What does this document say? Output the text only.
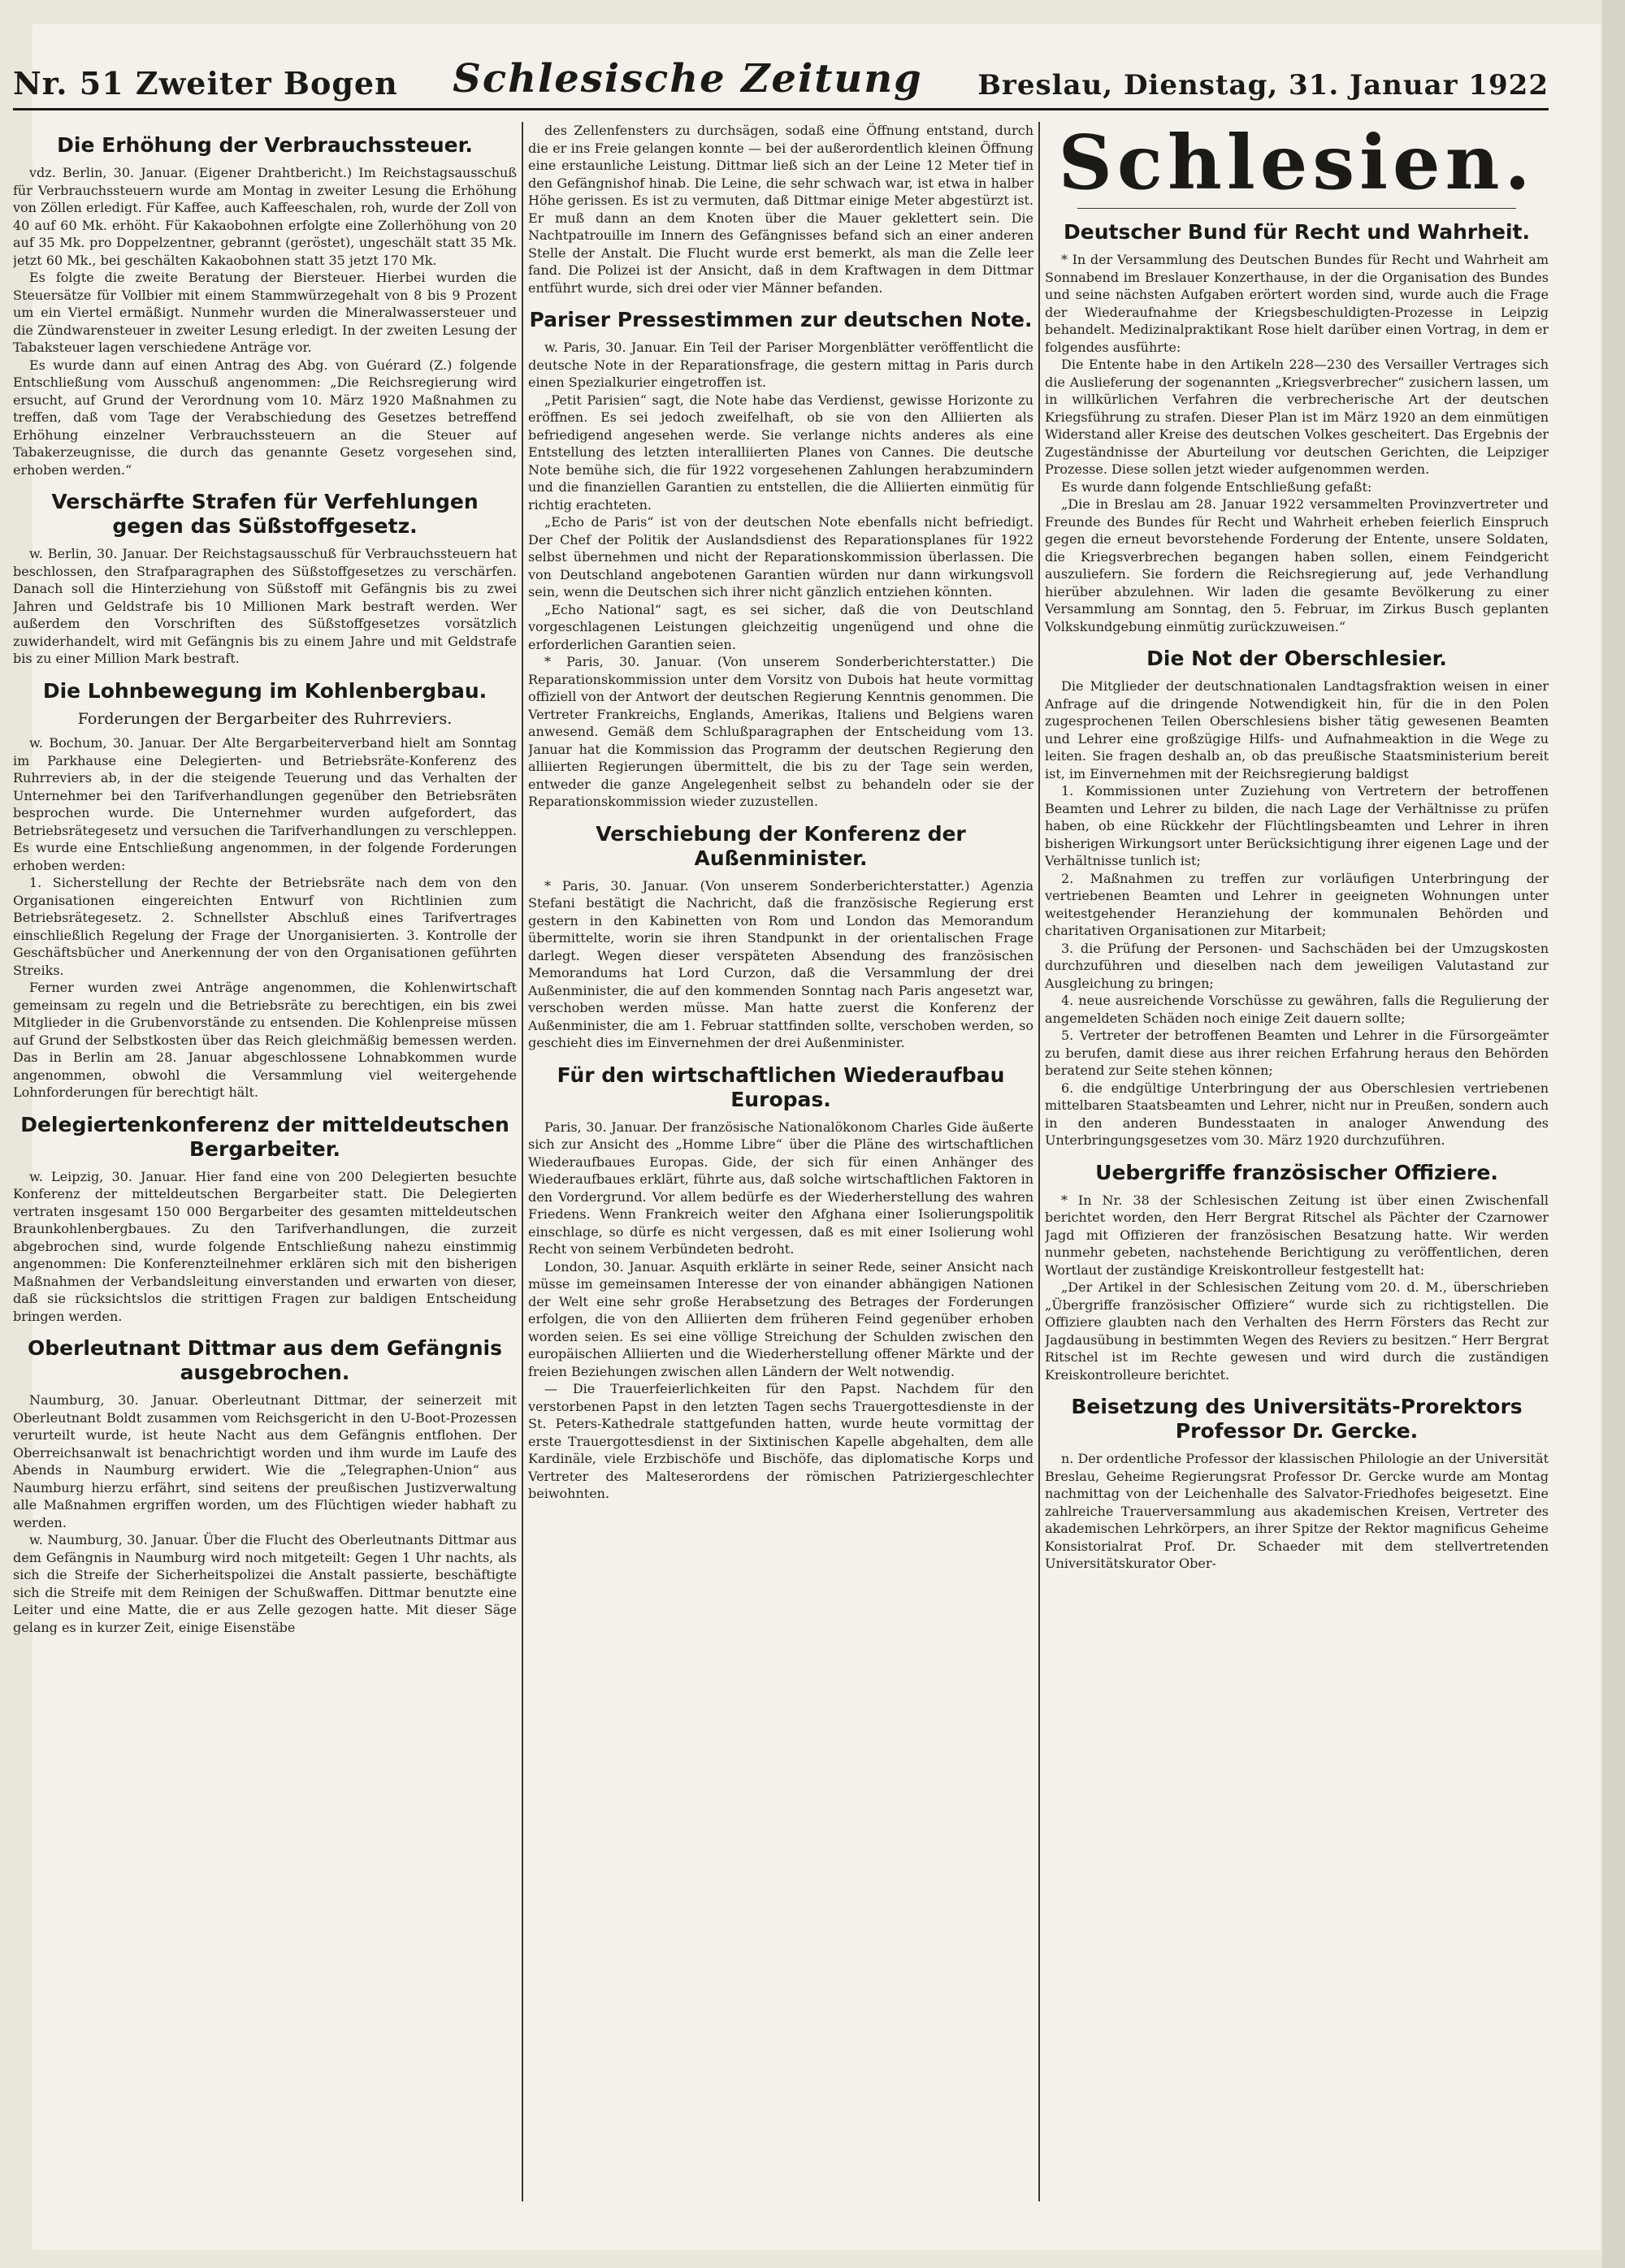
Nr. 51 Zweiter Bogen Schlesische Zeitung Breslau, Dienstag, 31. Januar 1922
Die Erhöhung der Verbrauchssteuer.

vdz. Berlin, 30. Januar. (Eigener Drahtbericht.) Im Reichstagsausschuß für Verbrauchssteuern wurde am Montag in zweiter Lesung die Erhöhung von Zöllen erledigt. Für Kaffee, auch Kaffeeschalen, roh, wurde der Zoll von 40 auf 60 Mk. erhöht. Für Kakaobohnen erfolgte eine Zollerhöhung von 20 auf 35 Mk. pro Doppelzentner, gebrannt (geröstet), ungeschält statt 35 Mk. jetzt 60 Mk., bei geschälten Kakaobohnen statt 35 jetzt 170 Mk.

Es folgte die zweite Beratung der Biersteuer. Hierbei wurden die Steuersätze für Vollbier mit einem Stammwürzegehalt von 8 bis 9 Prozent um ein Viertel ermäßigt. Nunmehr wurden die Mineralwassersteuer und die Zündwarensteuer in zweiter Lesung erledigt. In der zweiten Lesung der Tabaksteuer lagen verschiedene Anträge vor.

Es wurde dann auf einen Antrag des Abg. von Guérard (Z.) folgende Entschließung vom Ausschuß angenommen: „Die Reichsregierung wird ersucht, auf Grund der Verordnung vom 10. März 1920 Maßnahmen zu treffen, daß vom Tage der Verabschiedung des Gesetzes betreffend Erhöhung einzelner Verbrauchssteuern an die Steuer auf Tabakerzeugnisse, die durch das genannte Gesetz vorgesehen sind, erhoben werden.“

Verschärfte Strafen für Verfehlungen gegen das Süßstoffgesetz.

w. Berlin, 30. Januar. Der Reichstagsausschuß für Verbrauchssteuern hat beschlossen, den Strafparagraphen des Süßstoffgesetzes zu verschärfen. Danach soll die Hinterziehung von Süßstoff mit Gefängnis bis zu zwei Jahren und Geldstrafe bis 10 Millionen Mark bestraft werden. Wer außerdem den Vorschriften des Süßstoffgesetzes vorsätzlich zuwiderhandelt, wird mit Gefängnis bis zu einem Jahre und mit Geldstrafe bis zu einer Million Mark bestraft.

Die Lohnbewegung im Kohlenbergbau.
Forderungen der Bergarbeiter des Ruhrreviers.

w. Bochum, 30. Januar. Der Alte Bergarbeiterverband hielt am Sonntag im Parkhause eine Delegierten- und Betriebsräte-Konferenz des Ruhrreviers ab, in der die steigende Teuerung und das Verhalten der Unternehmer bei den Tarifverhandlungen gegenüber den Betriebsräten besprochen wurde. Die Unternehmer wurden aufgefordert, das Betriebsrätegesetz und versuchen die Tarifverhandlungen zu verschleppen. Es wurde eine Entschließung angenommen, in der folgende Forderungen erhoben werden:

1. Sicherstellung der Rechte der Betriebsräte nach dem von den Organisationen eingereichten Entwurf von Richtlinien zum Betriebsrätegesetz. 2. Schnellster Abschluß eines Tarifvertrages einschließlich Regelung der Frage der Unorganisierten. 3. Kontrolle der Geschäftsbücher und Anerkennung der von den Organisationen geführten Streiks.

Ferner wurden zwei Anträge angenommen, die Kohlenwirtschaft gemeinsam zu regeln und die Betriebsräte zu berechtigen, ein bis zwei Mitglieder in die Grubenvorstände zu entsenden. Die Kohlenpreise müssen auf Grund der Selbstkosten über das Reich gleichmäßig bemessen werden. Das in Berlin am 28. Januar abgeschlossene Lohnabkommen wurde angenommen, obwohl die Versammlung viel weitergehende Lohnforderungen für berechtigt hält.

Delegiertenkonferenz der mitteldeutschen Bergarbeiter.

w. Leipzig, 30. Januar. Hier fand eine von 200 Delegierten besuchte Konferenz der mitteldeutschen Bergarbeiter statt. Die Delegierten vertraten insgesamt 150 000 Bergarbeiter des gesamten mitteldeutschen Braunkohlenbergbaues. Zu den Tarifverhandlungen, die zurzeit abgebrochen sind, wurde folgende Entschließung nahezu einstimmig angenommen: Die Konferenzteilnehmer erklären sich mit den bisherigen Maßnahmen der Verbandsleitung einverstanden und erwarten von dieser, daß sie rücksichtslos die strittigen Fragen zur baldigen Entscheidung bringen werden.

Oberleutnant Dittmar aus dem Gefängnis ausgebrochen.

Naumburg, 30. Januar. Oberleutnant Dittmar, der seinerzeit mit Oberleutnant Boldt zusammen vom Reichsgericht in den U-Boot-Prozessen verurteilt wurde, ist heute Nacht aus dem Gefängnis entflohen. Der Oberreichsanwalt ist benachrichtigt worden und ihm wurde im Laufe des Abends in Naumburg erwidert. Wie die „Telegraphen-Union“ aus Naumburg hierzu erfährt, sind seitens der preußischen Justizverwaltung alle Maßnahmen ergriffen worden, um des Flüchtigen wieder habhaft zu werden.

w. Naumburg, 30. Januar. Über die Flucht des Oberleutnants Dittmar aus dem Gefängnis in Naumburg wird noch mitgeteilt: Gegen 1 Uhr nachts, als sich die Streife der Sicherheitspolizei die Anstalt passierte, beschäftigte sich die Streife mit dem Reinigen der Schußwaffen. Dittmar benutzte eine Leiter und eine Matte, die er aus Zelle gezogen hatte. Mit dieser Säge gelang es in kurzer Zeit, einige Eisenstäbe

des Zellenfensters zu durchsägen, sodaß eine Öffnung entstand, durch die er ins Freie gelangen konnte — bei der außerordentlich kleinen Öffnung eine erstaunliche Leistung. Dittmar ließ sich an der Leine 12 Meter tief in den Gefängnishof hinab. Die Leine, die sehr schwach war, ist etwa in halber Höhe gerissen. Es ist zu vermuten, daß Dittmar einige Meter abgestürzt ist. Er muß dann an dem Knoten über die Mauer geklettert sein. Die Nachtpatrouille im Innern des Gefängnisses befand sich an einer anderen Stelle der Anstalt. Die Flucht wurde erst bemerkt, als man die Zelle leer fand. Die Polizei ist der Ansicht, daß in dem Kraftwagen in dem Dittmar entführt wurde, sich drei oder vier Männer befanden.

Pariser Pressestimmen zur deutschen Note.

w. Paris, 30. Januar. Ein Teil der Pariser Morgenblätter veröffentlicht die deutsche Note in der Reparationsfrage, die gestern mittag in Paris durch einen Spezialkurier eingetroffen ist.

„Petit Parisien“ sagt, die Note habe das Verdienst, gewisse Horizonte zu eröffnen. Es sei jedoch zweifelhaft, ob sie von den Alliierten als befriedigend angesehen werde. Sie verlange nichts anderes als eine Entstellung des letzten interalliierten Planes von Cannes. Die deutsche Note bemühe sich, die für 1922 vorgesehenen Zahlungen herabzumindern und die finanziellen Garantien zu entstellen, die die Alliierten einmütig für richtig erachteten.

„Echo de Paris“ ist von der deutschen Note ebenfalls nicht befriedigt. Der Chef der Politik der Auslandsdienst des Reparationsplanes für 1922 selbst übernehmen und nicht der Reparationskommission überlassen. Die von Deutschland angebotenen Garantien würden nur dann wirkungsvoll sein, wenn die Deutschen sich ihrer nicht gänzlich entziehen könnten.

„Echo National“ sagt, es sei sicher, daß die von Deutschland vorgeschlagenen Leistungen gleichzeitig ungenügend und ohne die erforderlichen Garantien seien.

* Paris, 30. Januar. (Von unserem Sonderberichterstatter.) Die Reparationskommission unter dem Vorsitz von Dubois hat heute vormittag offiziell von der Antwort der deutschen Regierung Kenntnis genommen. Die Vertreter Frankreichs, Englands, Amerikas, Italiens und Belgiens waren anwesend. Gemäß dem Schlußparagraphen der Entscheidung vom 13. Januar hat die Kommission das Programm der deutschen Regierung den alliierten Regierungen übermittelt, die bis zu der Tage sein werden, entweder die ganze Angelegenheit selbst zu behandeln oder sie der Reparationskommission wieder zuzustellen.

Verschiebung der Konferenz der Außenminister.

* Paris, 30. Januar. (Von unserem Sonderberichterstatter.) Agenzia Stefani bestätigt die Nachricht, daß die französische Regierung erst gestern in den Kabinetten von Rom und London das Memorandum übermittelte, worin sie ihren Standpunkt in der orientalischen Frage darlegt. Wegen dieser verspäteten Absendung des französischen Memorandums hat Lord Curzon, daß die Versammlung der drei Außenminister, die auf den kommenden Sonntag nach Paris angesetzt war, verschoben werden müsse. Man hatte zuerst die Konferenz der Außenminister, die am 1. Februar stattfinden sollte, verschoben werden, so geschieht dies im Einvernehmen der drei Außenminister.

Für den wirtschaftlichen Wiederaufbau Europas.

Paris, 30. Januar. Der französische Nationalökonom Charles Gide äußerte sich zur Ansicht des „Homme Libre“ über die Pläne des wirtschaftlichen Wiederaufbaues Europas. Gide, der sich für einen Anhänger des Wiederaufbaues erklärt, führte aus, daß solche wirtschaftlichen Faktoren in den Vordergrund. Vor allem bedürfe es der Wiederherstellung des wahren Friedens. Wenn Frankreich weiter den Afghana einer Isolierungspolitik einschlage, so dürfe es nicht vergessen, daß es mit einer Isolierung wohl Recht von seinem Verbündeten bedroht.

London, 30. Januar. Asquith erklärte in seiner Rede, seiner Ansicht nach müsse im gemeinsamen Interesse der von einander abhängigen Nationen der Welt eine sehr große Herabsetzung des Betrages der Forderungen erfolgen, die von den Alliierten dem früheren Feind gegenüber erhoben worden seien. Es sei eine völlige Streichung der Schulden zwischen den europäischen Alliierten und die Wiederherstellung offener Märkte und der freien Beziehungen zwischen allen Ländern der Welt notwendig.

— Die Trauerfeierlichkeiten für den Papst. Nachdem für den verstorbenen Papst in den letzten Tagen sechs Trauergottesdienste in der St. Peters-Kathedrale stattgefunden hatten, wurde heute vormittag der erste Trauergottesdienst in der Sixtinischen Kapelle abgehalten, dem alle Kardinäle, viele Erzbischöfe und Bischöfe, das diplomatische Korps und Vertreter des Malteserordens der römischen Patriziergeschlechter beiwohnten.

Schlesien.
Deutscher Bund für Recht und Wahrheit.

* In der Versammlung des Deutschen Bundes für Recht und Wahrheit am Sonnabend im Breslauer Konzerthause, in der die Organisation des Bundes und seine nächsten Aufgaben erörtert worden sind, wurde auch die Frage der Wiederaufnahme der Kriegsbeschuldigten-Prozesse in Leipzig behandelt. Medizinalpraktikant Rose hielt darüber einen Vortrag, in dem er folgendes ausführte:

Die Entente habe in den Artikeln 228—230 des Versailler Vertrages sich die Auslieferung der sogenannten „Kriegsverbrecher“ zusichern lassen, um in willkürlichen Verfahren die verbrecherische Art der deutschen Kriegsführung zu strafen. Dieser Plan ist im März 1920 an dem einmütigen Widerstand aller Kreise des deutschen Volkes gescheitert. Das Ergebnis der Zugeständnisse der Aburteilung vor deutschen Gerichten, die Leipziger Prozesse. Diese sollen jetzt wieder aufgenommen werden.

Es wurde dann folgende Entschließung gefaßt:

„Die in Breslau am 28. Januar 1922 versammelten Provinzvertreter und Freunde des Bundes für Recht und Wahrheit erheben feierlich Einspruch gegen die erneut bevorstehende Forderung der Entente, unsere Soldaten, die Kriegsverbrechen begangen haben sollen, einem Feindgericht auszuliefern. Sie fordern die Reichsregierung auf, jede Verhandlung hierüber abzulehnen. Wir laden die gesamte Bevölkerung zu einer Versammlung am Sonntag, den 5. Februar, im Zirkus Busch geplanten Volkskundgebung einmütig zurückzuweisen.“

Die Not der Oberschlesier.

Die Mitglieder der deutschnationalen Landtagsfraktion weisen in einer Anfrage auf die dringende Notwendigkeit hin, für die in den Polen zugesprochenen Teilen Oberschlesiens bisher tätig gewesenen Beamten und Lehrer eine großzügige Hilfs- und Aufnahmeaktion in die Wege zu leiten. Sie fragen deshalb an, ob das preußische Staatsministerium bereit ist, im Einvernehmen mit der Reichsregierung baldigst

1. Kommissionen unter Zuziehung von Vertretern der betroffenen Beamten und Lehrer zu bilden, die nach Lage der Verhältnisse zu prüfen haben, ob eine Rückkehr der Flüchtlingsbeamten und Lehrer in ihren bisherigen Wirkungsort unter Berücksichtigung ihrer eigenen Lage und der Verhältnisse tunlich ist;

2. Maßnahmen zu treffen zur vorläufigen Unterbringung der vertriebenen Beamten und Lehrer in geeigneten Wohnungen unter weitestgehender Heranziehung der kommunalen Behörden und charitativen Organisationen zur Mitarbeit;

3. die Prüfung der Personen- und Sachschäden bei der Umzugskosten durchzuführen und dieselben nach dem jeweiligen Valutastand zur Ausgleichung zu bringen;

4. neue ausreichende Vorschüsse zu gewähren, falls die Regulierung der angemeldeten Schäden noch einige Zeit dauern sollte;

5. Vertreter der betroffenen Beamten und Lehrer in die Fürsorgeämter zu berufen, damit diese aus ihrer reichen Erfahrung heraus den Behörden beratend zur Seite stehen können;

6. die endgültige Unterbringung der aus Oberschlesien vertriebenen mittelbaren Staatsbeamten und Lehrer, nicht nur in Preußen, sondern auch in den anderen Bundesstaaten in analoger Anwendung des Unterbringungsgesetzes vom 30. März 1920 durchzuführen.

Uebergriffe französischer Offiziere.

* In Nr. 38 der Schlesischen Zeitung ist über einen Zwischenfall berichtet worden, den Herr Bergrat Ritschel als Pächter der Czarnower Jagd mit Offizieren der französischen Besatzung hatte. Wir werden nunmehr gebeten, nachstehende Berichtigung zu veröffentlichen, deren Wortlaut der zuständige Kreiskontrolleur festgestellt hat:

„Der Artikel in der Schlesischen Zeitung vom 20. d. M., überschrieben „Übergriffe französischer Offiziere“ wurde sich zu richtigstellen. Die Offiziere glaubten nach den Verhalten des Herrn Försters das Recht zur Jagdausübung in bestimmten Wegen des Reviers zu besitzen.“ Herr Bergrat Ritschel ist im Rechte gewesen und wird durch die zuständigen Kreiskontrolleure berichtet.

Beisetzung des Universitäts-Prorektors Professor Dr. Gercke.

n. Der ordentliche Professor der klassischen Philologie an der Universität Breslau, Geheime Regierungsrat Professor Dr. Gercke wurde am Montag nachmittag von der Leichenhalle des Salvator-Friedhofes beigesetzt. Eine zahlreiche Trauerversammlung aus akademischen Kreisen, Vertreter des akademischen Lehrkörpers, an ihrer Spitze der Rektor magnificus Geheime Konsistorialrat Prof. Dr. Schaeder mit dem stellvertretenden Universitätskurator Ober-
